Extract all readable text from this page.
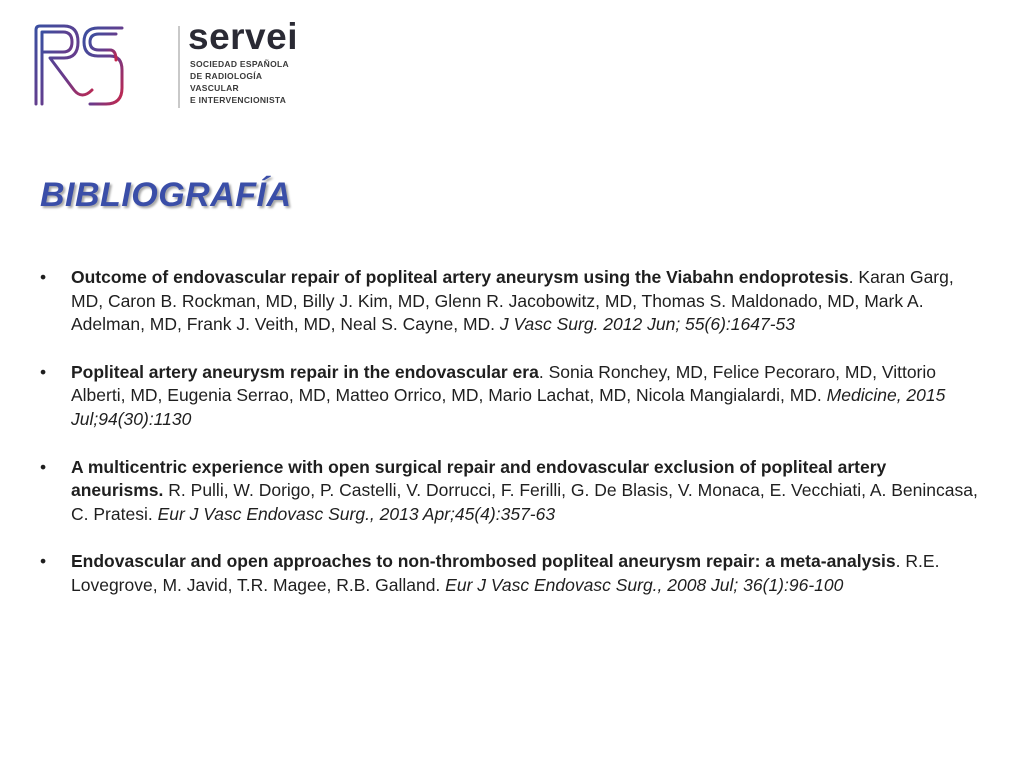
servei
SOCIEDAD ESPAÑOLA
DE RADIOLOGÍA
VASCULAR
E INTERVENCIONISTA
BIBLIOGRAFÍA
• Outcome of endovascular repair of popliteal artery aneurysm using the Viabahn endoprotesis. Karan Garg, MD, Caron B. Rockman, MD, Billy J. Kim, MD, Glenn R. Jacobowitz, MD, Thomas S. Maldonado, MD, Mark A. Adelman, MD, Frank J. Veith, MD, Neal S. Cayne, MD. J Vasc Surg. 2012 Jun; 55(6):1647-53
• Popliteal artery aneurysm repair in the endovascular era. Sonia Ronchey, MD, Felice Pecoraro, MD, Vittorio Alberti, MD, Eugenia Serrao, MD, Matteo Orrico, MD, Mario Lachat, MD, Nicola Mangialardi, MD. Medicine, 2015 Jul;94(30):1130
• A multicentric experience with open surgical repair and endovascular exclusion of popliteal artery aneurisms. R. Pulli, W. Dorigo, P. Castelli, V. Dorrucci, F. Ferilli, G. De Blasis, V. Monaca, E. Vecchiati, A. Benincasa, C. Pratesi. Eur J Vasc Endovasc Surg., 2013 Apr;45(4):357-63
• Endovascular and open approaches to non-thrombosed popliteal aneurysm repair: a meta-analysis. R.E. Lovegrove, M. Javid, T.R. Magee, R.B. Galland. Eur J Vasc Endovasc Surg., 2008 Jul; 36(1):96-100
